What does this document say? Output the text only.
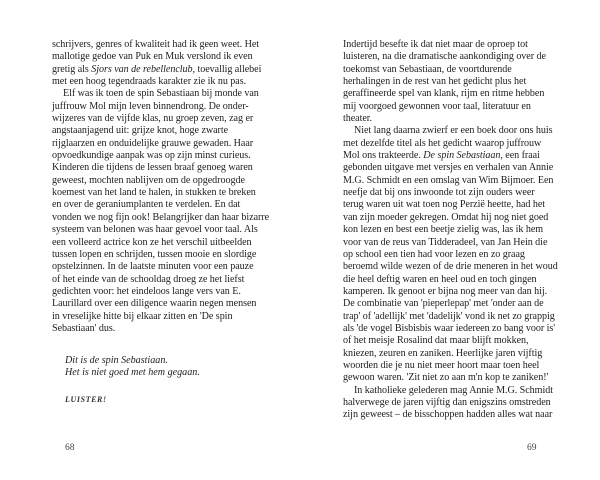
schrijvers, genres of kwaliteit had ik geen weet. Het
mallotige gedoe van Puk en Muk verslond ik even
gretig als Sjors van de rebellenclub, toevallig allebei
met een hoog tegendraads karakter zie ik nu pas.
Elf was ik toen de spin Sebastiaan bij monde van
juffrouw Mol mijn leven binnendrong. De onder-
wijzeres van de vijfde klas, nu groep zeven, zag er
angstaanjagend uit: grijze knot, hoge zwarte
rijglaarzen en onduidelijke grauwe gewaden. Haar
opvoedkundige aanpak was op zijn minst curieus.
Kinderen die tijdens de lessen braaf genoeg waren
geweest, mochten nablijven om de opgedroogde
koemest van het land te halen, in stukken te breken
en over de geraniumplanten te verdelen. En dat
vonden we nog fijn ook! Belangrijker dan haar bizarre
systeem van belonen was haar gevoel voor taal. Als
een volleerd actrice kon ze het verschil uitbeelden
tussen lopen en schrijden, tussen mooie en slordige
opstelzinnen. In de laatste minuten voor een pauze
of het einde van de schooldag droeg ze het liefst
gedichten voor: het eindeloos lange vers van E.
Laurillard over een diligence waarin negen mensen
in vreselijke hitte bij elkaar zitten en 'De spin
Sebastiaan' dus.
Dit is de spin Sebastiaan.
Het is niet goed met hem gegaan.
LUISTER!
68
Indertijd besefte ik dat niet maar de oproep tot
luisteren, na die dramatische aankondiging over de
toekomst van Sebastiaan, de voortdurende
herhalingen in de rest van het gedicht plus het
geraffineerde spel van klank, rijm en ritme hebben
mij voorgoed gewonnen voor taal, literatuur en
theater.
Niet lang daarna zwierf er een boek door ons huis
met dezelfde titel als het gedicht waarop juffrouw
Mol ons trakteerde. De spin Sebastiaan, een fraai
gebonden uitgave met versjes en verhalen van Annie
M.G. Schmidt en een omslag van Wim Bijmoer. Een
neefje dat bij ons inwoonde tot zijn ouders weer
terug waren uit wat toen nog Perzië heette, had het
van zijn moeder gekregen. Omdat hij nog niet goed
kon lezen en best een beetje zielig was, las ik hem
voor van de reus van Tidderadeel, van Jan Hein die
op school een tien had voor lezen en zo graag
beroemd wilde wezen of de drie meneren in het woud
die heel deftig waren en heel oud en toch gingen
kamperen. Ik genoot er bijna nog meer van dan hij.
De combinatie van 'pieperlepap' met 'onder aan de
trap' of 'adellijk' met 'dadelijk' vond ik net zo grappig
als 'de vogel Bisbisbis waar iedereen zo bang voor is'
of het meisje Rosalind dat maar blijft mokken,
kniezen, zeuren en zaniken. Heerlijke jaren vijftig
woorden die je nu niet meer hoort maar toen heel
gewoon waren. 'Zit niet zo aan m'n kop te zaniken!'
In katholieke gelederen mag Annie M.G. Schmidt
halverwege de jaren vijftig dan enigszins omstreden
zijn geweest – de bisschoppen hadden alles wat naar
69
